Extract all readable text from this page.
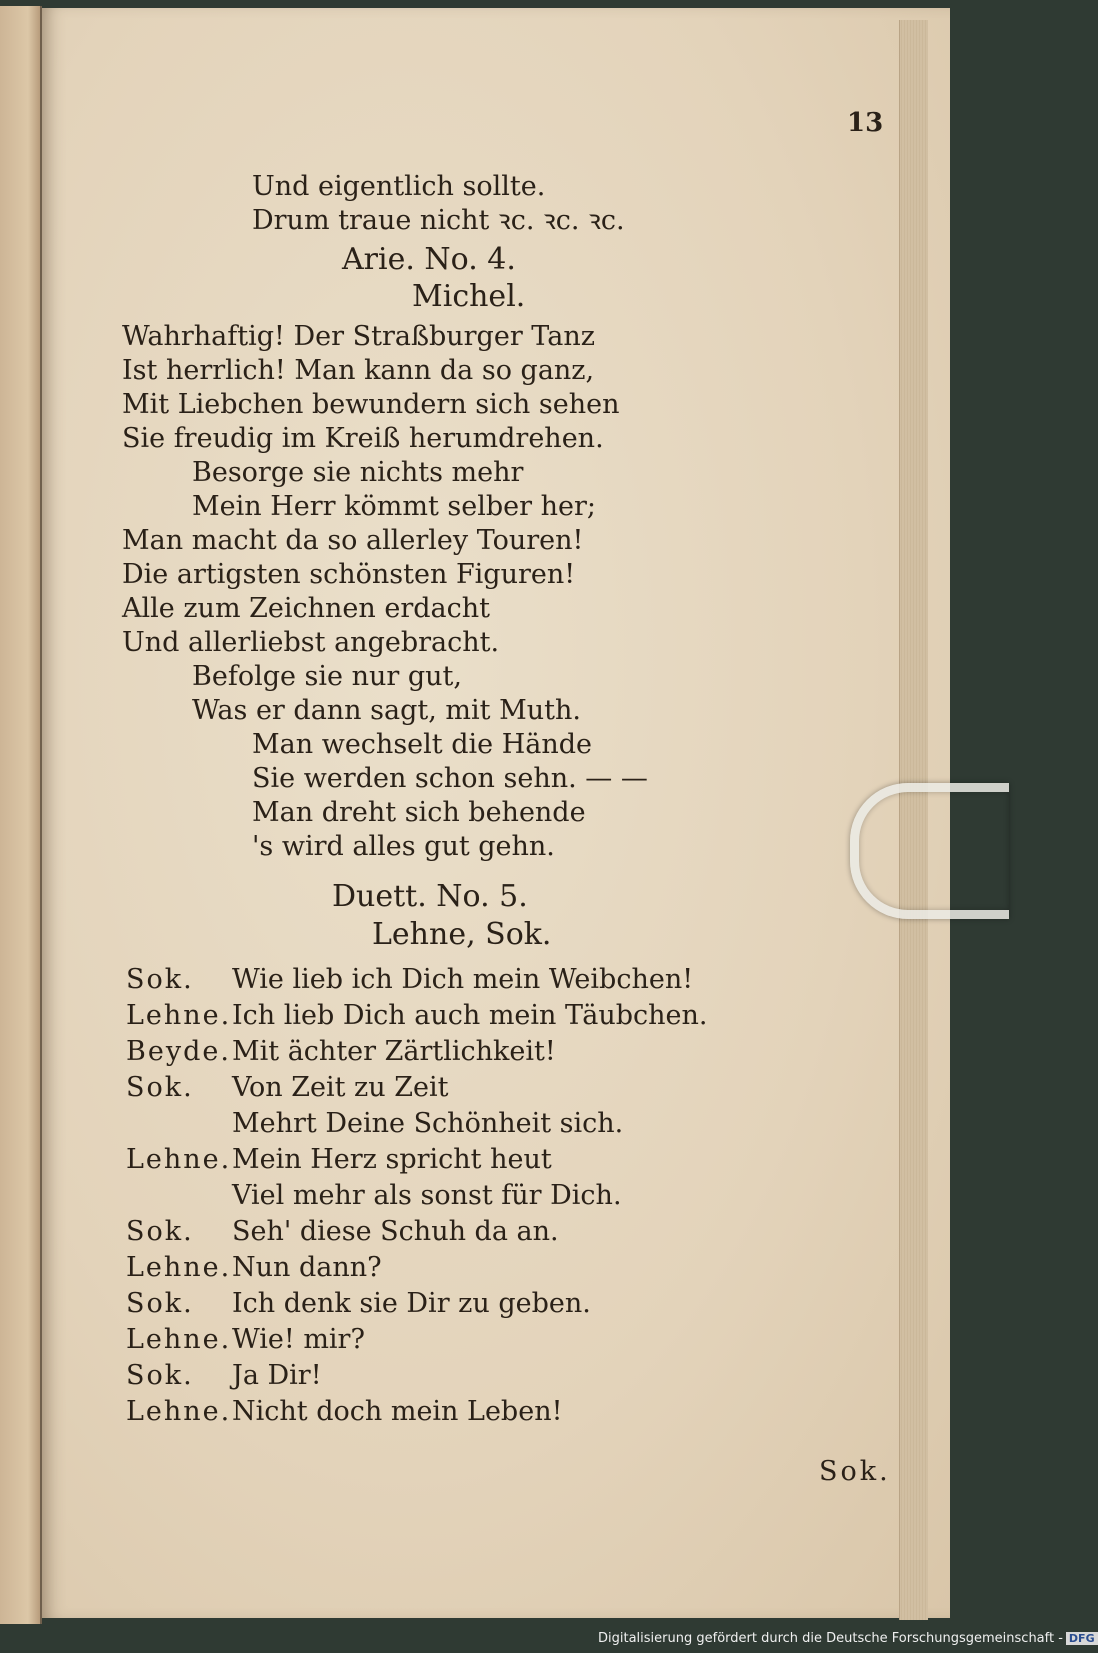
13
Und eigentlich sollte.
Drum traue nicht ꝛc. ꝛc. ꝛc.
Arie. No. 4.
Michel.
Wahrhaftig! Der Straßburger Tanz
Ist herrlich! Man kann da so ganz,
Mit Liebchen bewundern sich sehen
Sie freudig im Kreiß herumdrehen.
Besorge sie nichts mehr
Mein Herr kömmt selber her;
Man macht da so allerley Touren!
Die artigsten schönsten Figuren!
Alle zum Zeichnen erdacht
Und allerliebst angebracht.
Befolge sie nur gut,
Was er dann sagt, mit Muth.
Man wechselt die Hände
Sie werden schon sehn. — —
Man dreht sich behende
's wird alles gut gehn.
Duett. No. 5.
Lehne, Sok.
Sok. Wie lieb ich Dich mein Weibchen!
Lehne.Ich lieb Dich auch mein Täubchen.
Beyde.Mit ächter Zärtlichkeit!
Sok. Von Zeit zu Zeit
Mehrt Deine Schönheit sich.
Lehne.Mein Herz spricht heut
Viel mehr als sonst für Dich.
Sok. Seh' diese Schuh da an.
Lehne.Nun dann?
Sok. Ich denk sie Dir zu geben.
Lehne.Wie! mir?
Sok. Ja Dir!
Lehne.Nicht doch mein Leben!
Sok.
Digitalisierung gefördert durch die Deutsche Forschungsgemeinschaft - DFG
